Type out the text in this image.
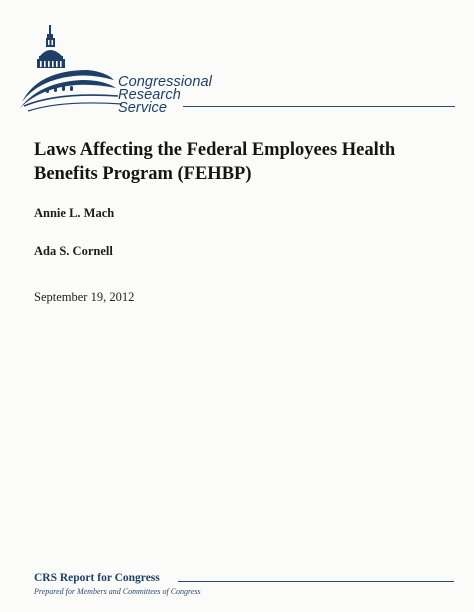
Congressional
Research
Service
Laws Affecting the Federal Employees Health
Benefits Program (FEHBP)
Annie L. Mach
Ada S. Cornell
September 19, 2012
CRS Report for Congress
Prepared for Members and Committees of Congress
